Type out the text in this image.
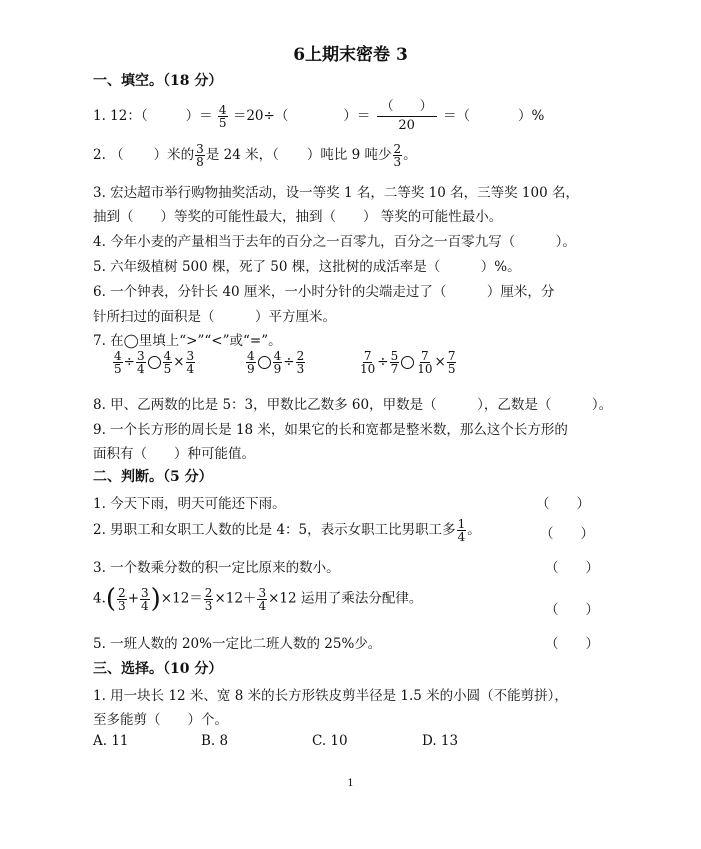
6上期末密卷 3
一、填空。（18 分）
1. 12：（	）＝ $\frac{4}{5} =20\div$（	）＝
（　　）
20
＝（	）%
2. （ ）米的 $\frac{3}{8}$ 是 24 米，（ ）吨比 9 吨少 $\frac{2}{3}$ 。
3. 宏达超市举行购物抽奖活动，设一等奖 1 名，二等奖 10 名，三等奖 100 名，
抽到（　　）等奖的可能性最大，抽到（　　） 等奖的可能性最小。
4. 今年小麦的产量相当于去年的百分之一百零九，百分之一百零九写（　　　）。
5. 六年级植树 500 棵，死了 50 棵，这批树的成活率是（　　　）%。
6. 一个钟表，分针长 40 厘米，一小时分针的尖端走过了（　　　）厘米，分
针所扫过的面积是（　　　）平方厘米。
7. 在◯里填上“>”“<”或“=”。
$\frac{4}{5} \div \frac{3}{4} \frac{4}{5} \times \frac{3}{4}$	$\frac{4}{9} \frac{4}{9} \div \frac{2}{3}$	$\frac{7}{10} \div \frac{5}{7} \frac{7}{10} \times \frac{7}{5}$
8. 甲、乙两数的比是 5：3，甲数比乙数多 60，甲数是（　　　），乙数是（　　　）。
9. 一个长方形的周长是 18 米，如果它的长和宽都是整米数，那么这个长方形的
面积有（　　）种可能值。
二、判断。（5 分）
1. 今天下雨，明天可能还下雨。	（　　）
2. 男职工和女职工人数的比是 4：5，表示女职工比男职工多 $\frac{1}{4}$ 。	（　　）
3. 一个数乘分数的积一定比原来的数小。	（　　）
$4.( \frac{2}{3} + \frac{3}{4} )\times 12= \frac{2}{3} \times 12+ \frac{3}{4} \times 12$ 运用了乘法分配律。
（　　）
5. 一班人数的 20%一定比二班人数的 25%少。	（　　）
三、选择。（10 分）
1. 用一块长 12 米、宽 8 米的长方形铁皮剪半径是 1.5 米的小圆（不能剪拼），
至多能剪（　　）个。
A. 11	B. 8	C. 10	D. 13
1
